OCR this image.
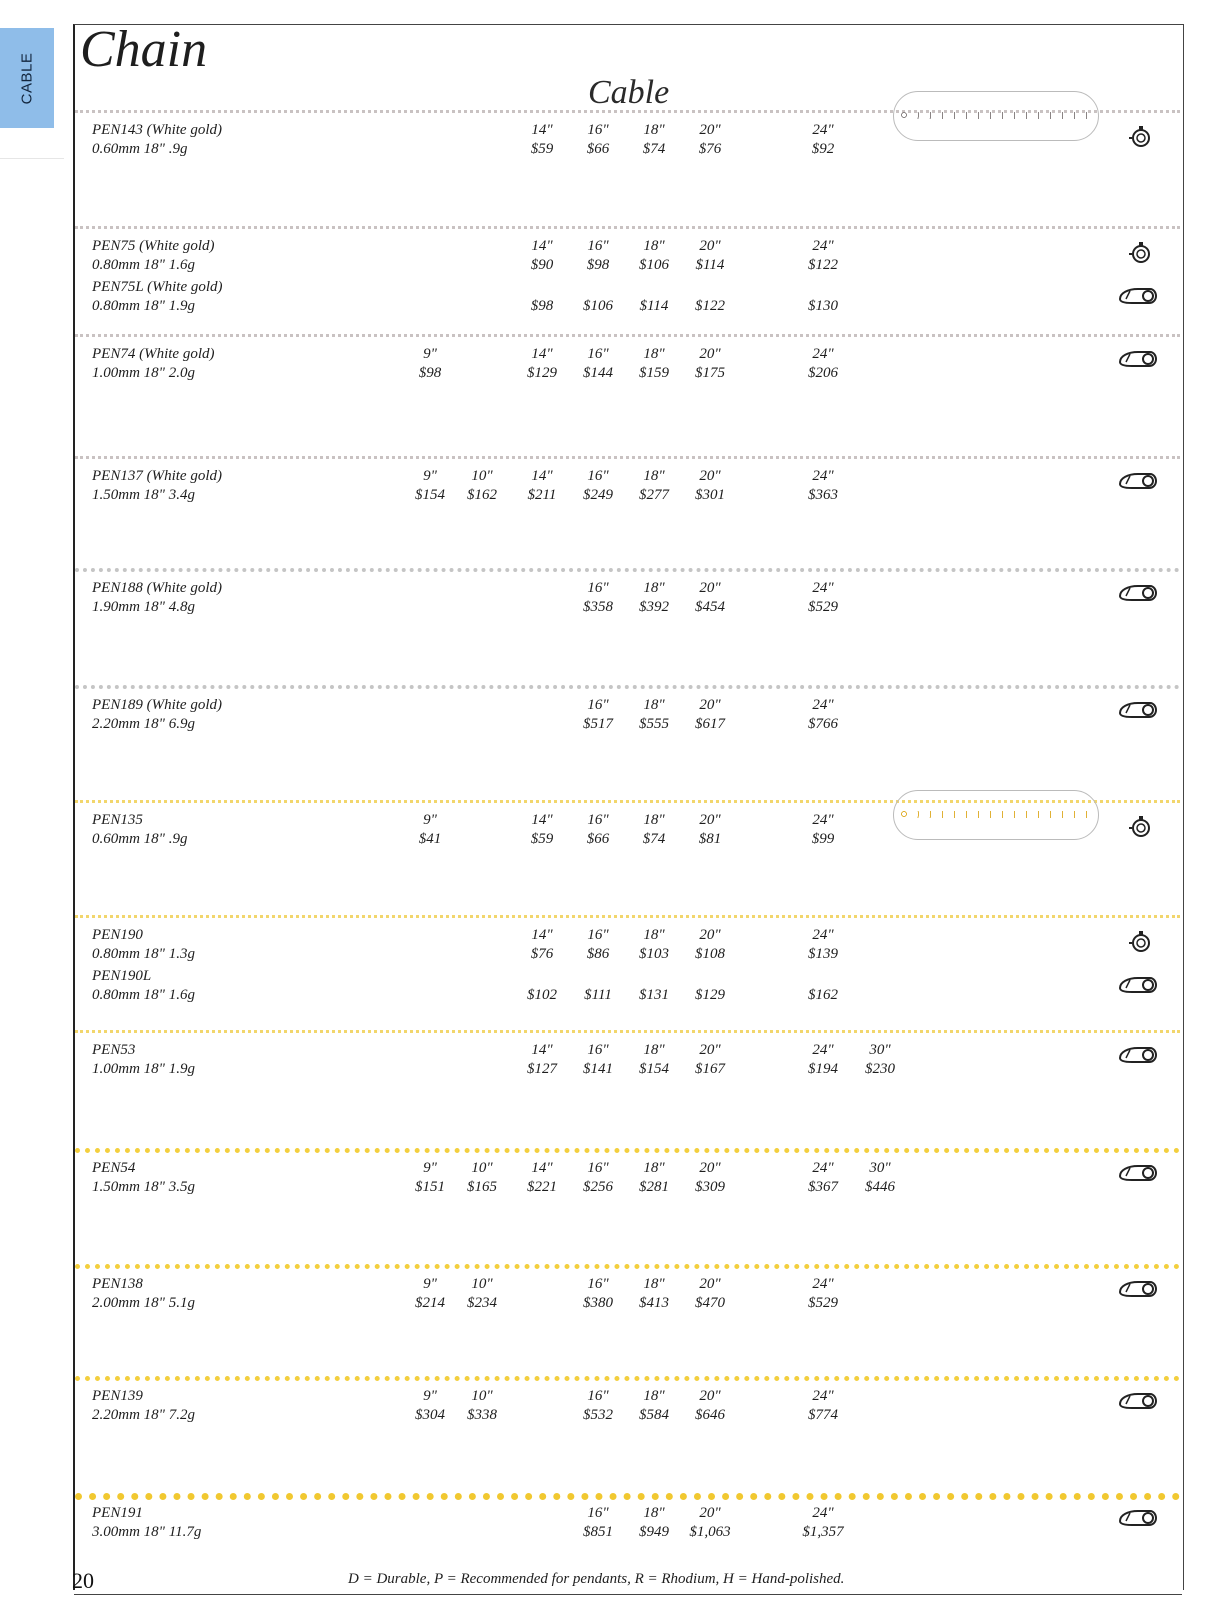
CABLE Chain
Cable
PEN143 (White gold)
0.60mm 18" .9g
14"	16"	18"	20"	24"
$59	$66	$74	$76	$92
PEN75 (White gold)
0.80mm 18" 1.6g
14"	16"	18"	20"	24"
$90	$98	$106	$114	$122
PEN75L (White gold)
0.80mm 18" 1.9g	$98	$106	$114	$122	$130
PEN74 (White gold)
1.00mm 18" 2.0g
9"	14"	16"	18"	20"	24"
$98	$129	$144	$159	$175	$206
PEN137 (White gold)
1.50mm 18" 3.4g
9"	10"	14"	16"	18"	20"	24"
$154	$162	$211	$249	$277	$301	$363
PEN188 (White gold)
1.90mm 18" 4.8g
16"	18"	20"	24"
$358	$392	$454	$529
PEN189 (White gold)
2.20mm 18" 6.9g
16"	18"	20"	24"
$517	$555	$617	$766
PEN135
0.60mm 18" .9g
9"	14"	16"	18"	20"	24"
$41	$59	$66	$74	$81	$99
PEN190
0.80mm 18" 1.3g
14"	16"	18"	20"	24"
$76	$86	$103	$108	$139
PEN190L
0.80mm 18" 1.6g	$102	$111	$131	$129	$162
PEN53
1.00mm 18" 1.9g
14"	16"	18"	20"	24"	30"
$127	$141	$154	$167	$194	$230
PEN54
1.50mm 18" 3.5g
9"	10"	14"	16"	18"	20"	24"	30"
$151	$165	$221	$256	$281	$309	$367	$446
PEN138
2.00mm 18" 5.1g
9"	10"	16"	18"	20"	24"
$214	$234	$380	$413	$470	$529
PEN139
2.20mm 18" 7.2g
9"	10"	16"	18"	20"	24"
$304	$338	$532	$584	$646	$774
PEN191
3.00mm 18" 11.7g
16"	18"	20"	24"
$851	$949	$1,063	$1,357
20	D = Durable, P = Recommended for pendants, R = Rhodium, H = Hand-polished.
